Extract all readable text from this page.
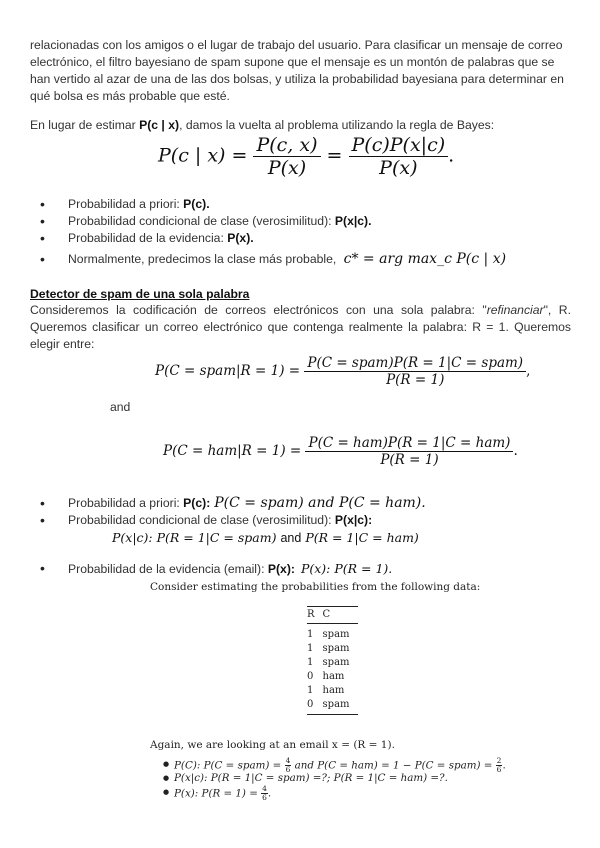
relacionadas con los amigos o el lugar de trabajo del usuario. Para clasificar un mensaje de correo electrónico, el filtro bayesiano de spam supone que el mensaje es un montón de palabras que se han vertido al azar de una de las dos bolsas, y utiliza la probabilidad bayesiana para determinar en qué bolsa es más probable que esté.
En lugar de estimar P(c | x), damos la vuelta al problema utilizando la regla de Bayes:
P(c | $x) = \frac{P(c, x)}{P(x)} = \frac{P(c)P(x|c)}{P(x)}$ .
• Probabilidad a priori: P(c).
• Probabilidad condicional de clase (verosimilitud): P(x|c).
• Probabilidad de la evidencia: P(x).
• Normalmente, predecimos la clase más probable, c* = arg max_c P(c | x)
Detector de spam de una sola palabra
Consideremos la codificación de correos electrónicos con una sola palabra: "refinanciar", R. Queremos clasificar un correo electrónico que contenga realmente la palabra: R = 1. Queremos elegir entre:
P(C = spam|R = $1) = \frac{\text{P(C = spam)P(R = 1|C = spam)}}{P(R = 1)}$ ,
and
$P(C = ham|R = 1) = \frac{\text{P(C = ham)P(R = 1|C = ham)}}{P(R = 1)}$ .
• Probabilidad a priori: P(c): P(C = spam) and P(C = ham).
• Probabilidad condicional de clase (verosimilitud): P(x|c):
P(x|c): P(R = 1|C = spam) and P(R = 1|C = ham)
• Probabilidad de la evidencia (email): P(x): P(x): P(R = 1).
Consider estimating the probabilities from the following data:
R	C
1	spam
1	spam
1	spam
0	ham
1	ham
0	spam
Again, we are looking at an email x = (R = 1).
● P(C): P(C = spam) = $\frac{4}{6}$ and P(C = ham) = 1 − P(C = spam) = $\frac{2}{6}$ .
● P(x|c): P(R = 1|C = spam) =?; P(R = 1|C = ham) =?.
● P(x): $P(R = 1) = \frac{4}{6}$ .
